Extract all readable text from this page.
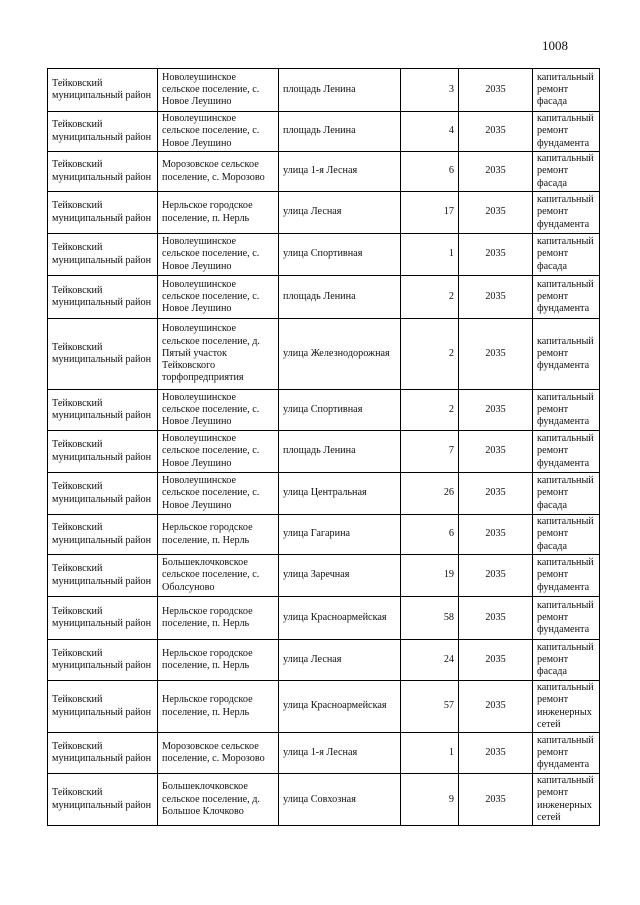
1008
Тейковский муниципальный район	Новолеушинское сельское поселение, с. Новое Леушино	площадь Ленина	3	2035	капитальный ремонт фасада
Тейковский муниципальный район	Новолеушинское сельское поселение, с. Новое Леушино	площадь Ленина	4	2035	капитальный ремонт фундамента
Тейковский муниципальный район	Морозовское сельское поселение, с. Морозово	улица 1-я Лесная	6	2035	капитальный ремонт фасада
Тейковский муниципальный район	Нерльское городское поселение, п. Нерль	улица Лесная	17	2035	капитальный ремонт фундамента
Тейковский муниципальный район	Новолеушинское сельское поселение, с. Новое Леушино	улица Спортивная	1	2035	капитальный ремонт фасада
Тейковский муниципальный район	Новолеушинское сельское поселение, с. Новое Леушино	площадь Ленина	2	2035	капитальный ремонт фундамента
Тейковский муниципальный район	Новолеушинское сельское поселение, д. Пятый участок Тейковского торфопредприятия	улица Железнодорожная	2	2035	капитальный ремонт фундамента
Тейковский муниципальный район	Новолеушинское сельское поселение, с. Новое Леушино	улица Спортивная	2	2035	капитальный ремонт фундамента
Тейковский муниципальный район	Новолеушинское сельское поселение, с. Новое Леушино	площадь Ленина	7	2035	капитальный ремонт фундамента
Тейковский муниципальный район	Новолеушинское сельское поселение, с. Новое Леушино	улица Центральная	26	2035	капитальный ремонт фасада
Тейковский муниципальный район	Нерльское городское поселение, п. Нерль	улица Гагарина	6	2035	капитальный ремонт фасада
Тейковский муниципальный район	Большеклочковское сельское поселение, с. Оболсуново	улица Заречная	19	2035	капитальный ремонт фундамента
Тейковский муниципальный район	Нерльское городское поселение, п. Нерль	улица Красноармейская	58	2035	капитальный ремонт фундамента
Тейковский муниципальный район	Нерльское городское поселение, п. Нерль	улица Лесная	24	2035	капитальный ремонт фасада
Тейковский муниципальный район	Нерльское городское поселение, п. Нерль	улица Красноармейская	57	2035	капитальный ремонт инженерных сетей
Тейковский муниципальный район	Морозовское сельское поселение, с. Морозово	улица 1-я Лесная	1	2035	капитальный ремонт фундамента
Тейковский муниципальный район	Большеклочковское сельское поселение, д. Большое Клочково	улица Совхозная	9	2035	капитальный ремонт инженерных сетей
